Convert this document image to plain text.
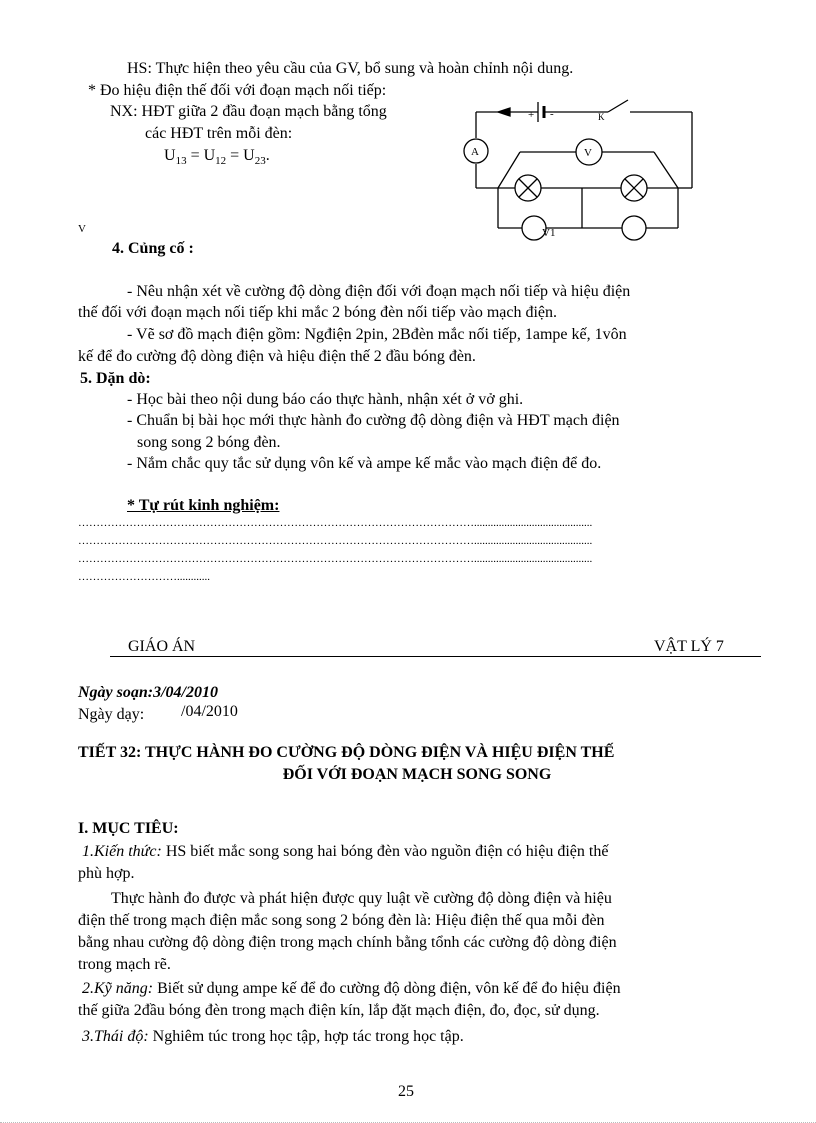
HS: Thực hiện theo yêu cầu của GV, bổ sung và hoàn chỉnh nội dung.
* Đo hiệu điện thế đối với đoạn mạch nối tiếp:
NX: HĐT giữa 2 đầu đoạn mạch bằng tổng
các HĐT trên mỗi đèn:
$U_{13} = U_{12} = U_{23}$.
V
A	V
V1
+ -	K
4. Củng cố :
- Nêu nhận xét về cường độ dòng điện đối với đoạn mạch nối tiếp và hiệu điện
thế đối với đoạn mạch nối tiếp khi mắc 2 bóng đèn nối tiếp vào mạch điện.
- Vẽ sơ đồ mạch điện gồm: Ngđiện 2pin, 2Bđèn mắc nối tiếp, 1ampe kế, 1vôn
kế để đo cường độ dòng điện và hiệu điện thế 2 đầu bóng đèn.
5. Dặn dò:
- Học bài theo nội dung báo cáo thực hành, nhận xét ở vở ghi.
- Chuẩn bị bài học mới thực hành đo cường độ dòng điện và HĐT mạch điện
song song 2 bóng đèn.
- Nắm chắc quy tắc sử dụng vôn kế và ampe kế mắc vào mạch điện để đo.
* Tự rút kinh nghiệm:
………………………………………………………………………………………………...........................................
………………………………………………………………………………………………...........................................
………………………………………………………………………………………………...........................................
………………………............
GIÁO ÁN	VẬT LÝ 7
Ngày soạn:3/04/2010
Ngày dạy: /04/2010
TIẾT 32: THỰC HÀNH ĐO CƯỜNG ĐỘ DÒNG ĐIỆN VÀ HIỆU ĐIỆN THẾ
ĐỐI VỚI ĐOẠN MẠCH SONG SONG
I. MỤC TIÊU:
1.Kiến thức: HS biết mắc song song hai bóng đèn vào nguồn điện có hiệu điện thế
phù hợp.
Thực hành đo được và phát hiện được quy luật về cường độ dòng điện và hiệu
điện thế trong mạch điện mắc song song 2 bóng đèn là: Hiệu điện thế qua mỗi đèn
bằng nhau cường độ dòng điện trong mạch chính bằng tổnh các cường độ dòng điện
trong mạch rẽ.
2.Kỹ năng: Biết sử dụng ampe kế để đo cường độ dòng điện, vôn kế để đo hiệu điện
thế giữa 2đầu bóng đèn trong mạch điện kín, lắp đặt mạch điện, đo, đọc, sử dụng.
3.Thái độ: Nghiêm túc trong học tập, hợp tác trong học tập.
25
